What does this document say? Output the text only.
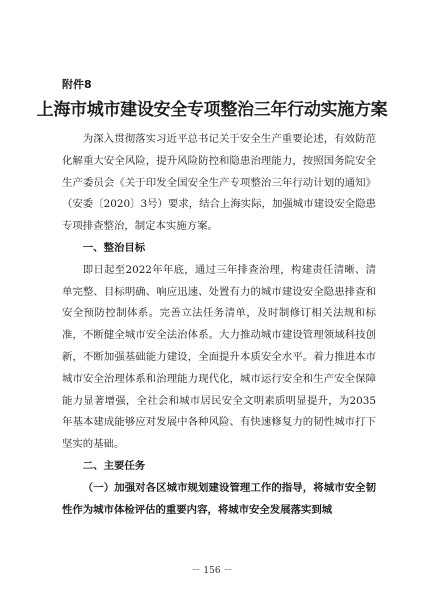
附件8
上海市城市建设安全专项整治三年行动实施方案

为深入贯彻落实习近平总书记关于安全生产重要论述，有效防范化解重大安全风险，提升风险防控和隐患治理能力，按照国务院安全生产委员会《关于印发全国安全生产专项整治三年行动计划的通知》（安委〔2020〕3号）要求，结合上海实际，加强城市建设安全隐患专项排查整治，制定本实施方案。

一、整治目标

即日起至2022年年底，通过三年排查治理，构建责任清晰、清单完整、目标明确、响应迅速、处置有力的城市建设安全隐患排查和安全预防控制体系。完善立法任务清单，及时制修订相关法规和标准，不断健全城市安全法治体系。大力推动城市建设管理领域科技创新，不断加强基础能力建设，全面提升本质安全水平。着力推进本市城市安全治理体系和治理能力现代化，城市运行安全和生产安全保障能力显著增强，全社会和城市居民安全文明素质明显提升，为2035年基本建成能够应对发展中各种风险、有快速修复力的韧性城市打下坚实的基础。

二、主要任务

（一）加强对各区城市规划建设管理工作的指导，将城市安全韧性作为城市体检评估的重要内容，将城市安全发展落实到城

－ 156 －
